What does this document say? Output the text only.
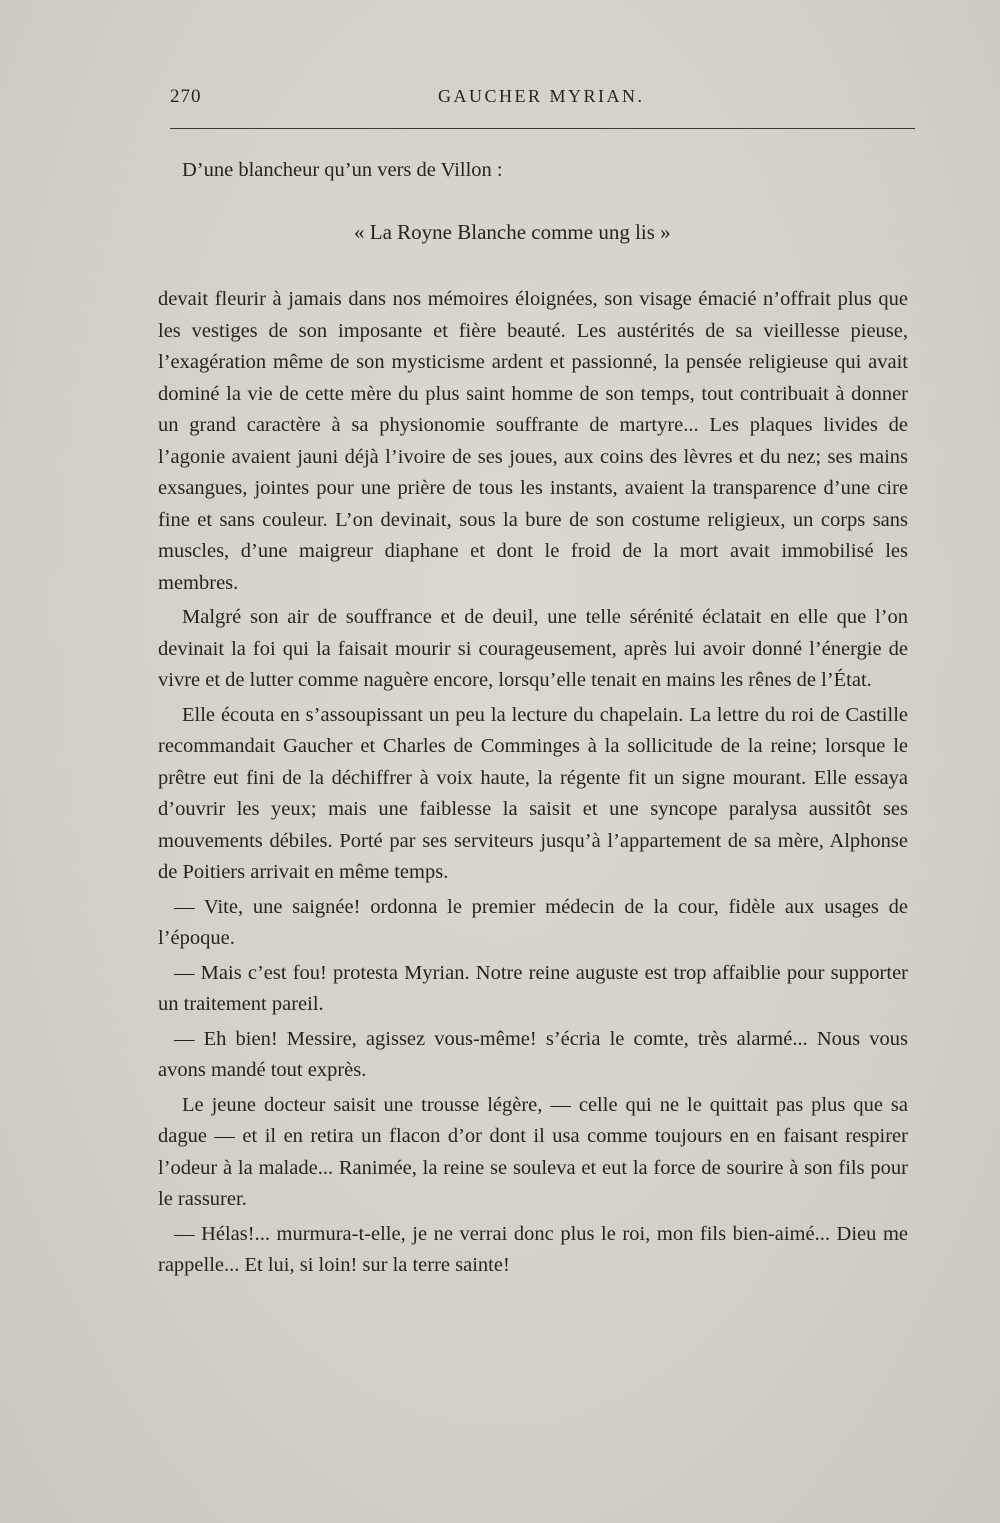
270	GAUCHER MYRIAN.

D’une blancheur qu’un vers de Villon :

« La Royne Blanche comme ung lis »

devait fleurir à jamais dans nos mémoires éloignées, son visage émacié n’offrait plus que les vestiges de son imposante et fière beauté. Les austérités de sa vieillesse pieuse, l’exagération même de son mysticisme ardent et passionné, la pensée religieuse qui avait dominé la vie de cette mère du plus saint homme de son temps, tout contribuait à donner un grand caractère à sa physionomie souffrante de martyre... Les plaques livides de l’agonie avaient jauni déjà l’ivoire de ses joues, aux coins des lèvres et du nez; ses mains exsangues, jointes pour une prière de tous les instants, avaient la transparence d’une cire fine et sans couleur. L’on devinait, sous la bure de son costume religieux, un corps sans muscles, d’une maigreur diaphane et dont le froid de la mort avait immobilisé les membres.

Malgré son air de souffrance et de deuil, une telle sérénité éclatait en elle que l’on devinait la foi qui la faisait mourir si courageusement, après lui avoir donné l’énergie de vivre et de lutter comme naguère encore, lorsqu’elle tenait en mains les rênes de l’État.

Elle écouta en s’assoupissant un peu la lecture du chapelain. La lettre du roi de Castille recommandait Gaucher et Charles de Comminges à la sollicitude de la reine; lorsque le prêtre eut fini de la déchiffrer à voix haute, la régente fit un signe mourant. Elle essaya d’ouvrir les yeux; mais une faiblesse la saisit et une syncope paralysa aussitôt ses mouvements débiles. Porté par ses serviteurs jusqu’à l’appartement de sa mère, Alphonse de Poitiers arrivait en même temps.

— Vite, une saignée! ordonna le premier médecin de la cour, fidèle aux usages de l’époque.

— Mais c’est fou! protesta Myrian. Notre reine auguste est trop affaiblie pour supporter un traitement pareil.

— Eh bien! Messire, agissez vous-même! s’écria le comte, très alarmé... Nous vous avons mandé tout exprès.

Le jeune docteur saisit une trousse légère, — celle qui ne le quittait pas plus que sa dague — et il en retira un flacon d’or dont il usa comme toujours en en faisant respirer l’odeur à la malade... Ranimée, la reine se souleva et eut la force de sourire à son fils pour le rassurer.

— Hélas!... murmura-t-elle, je ne verrai donc plus le roi, mon fils bien-aimé... Dieu me rappelle... Et lui, si loin! sur la terre sainte!
